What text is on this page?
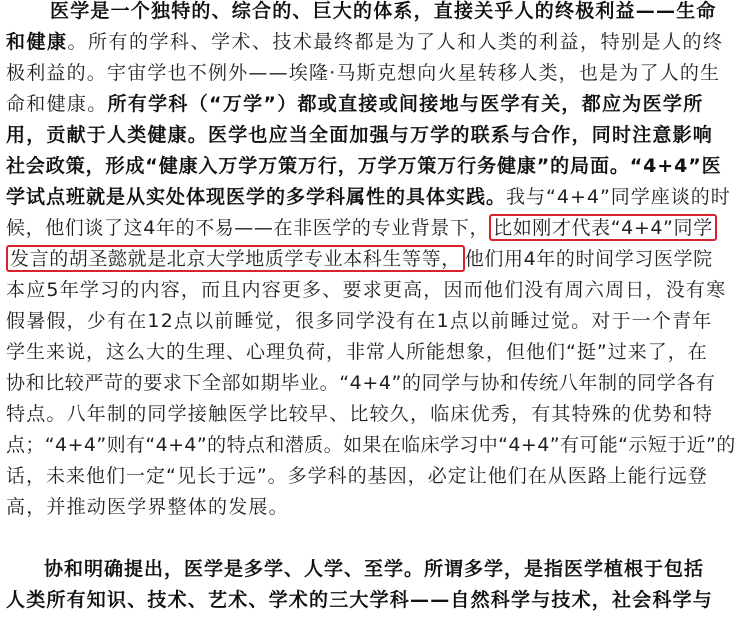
医学是一个独特的、综合的、巨大的体系，直接关乎人的终极利益——生命
和健康。所有的学科、学术、技术最终都是为了人和人类的利益，特别是人的终
极利益的。宇宙学也不例外——埃隆·马斯克想向火星转移人类，也是为了人的生
命和健康。所有学科（“万学”）都或直接或间接地与医学有关，都应为医学所
用，贡献于人类健康。医学也应当全面加强与万学的联系与合作，同时注意影响
社会政策，形成“健康入万学万策万行，万学万策万行务健康”的局面。“4+4”医
学试点班就是从实处体现医学的多学科属性的具体实践。我与“4+4”同学座谈的时
候，他们谈了这4年的不易——在非医学的专业背景下， 比如刚才代表“4+4”同学
发言的胡圣懿就是北京大学地质学专业本科生等等， 他们用4年的时间学习医学院
本应5年学习的内容，而且内容更多、要求更高，因而他们没有周六周日，没有寒
假暑假，少有在12点以前睡觉，很多同学没有在1点以前睡过觉。对于一个青年
学生来说，这么大的生理、心理负荷，非常人所能想象，但他们“挺”过来了，在
协和比较严苛的要求下全部如期毕业。“4+4”的同学与协和传统八年制的同学各有
特点。八年制的同学接触医学比较早、比较久，临床优秀，有其特殊的优势和特
点；“4+4”则有“4+4”的特点和潜质。如果在临床学习中“4+4”有可能“示短于近”的
话，未来他们一定“见长于远”。多学科的基因，必定让他们在从医路上能行远登
高，并推动医学界整体的发展。
协和明确提出，医学是多学、人学、至学。所谓多学，是指医学植根于包括
人类所有知识、技术、艺术、学术的三大学科——自然科学与技术，社会科学与
